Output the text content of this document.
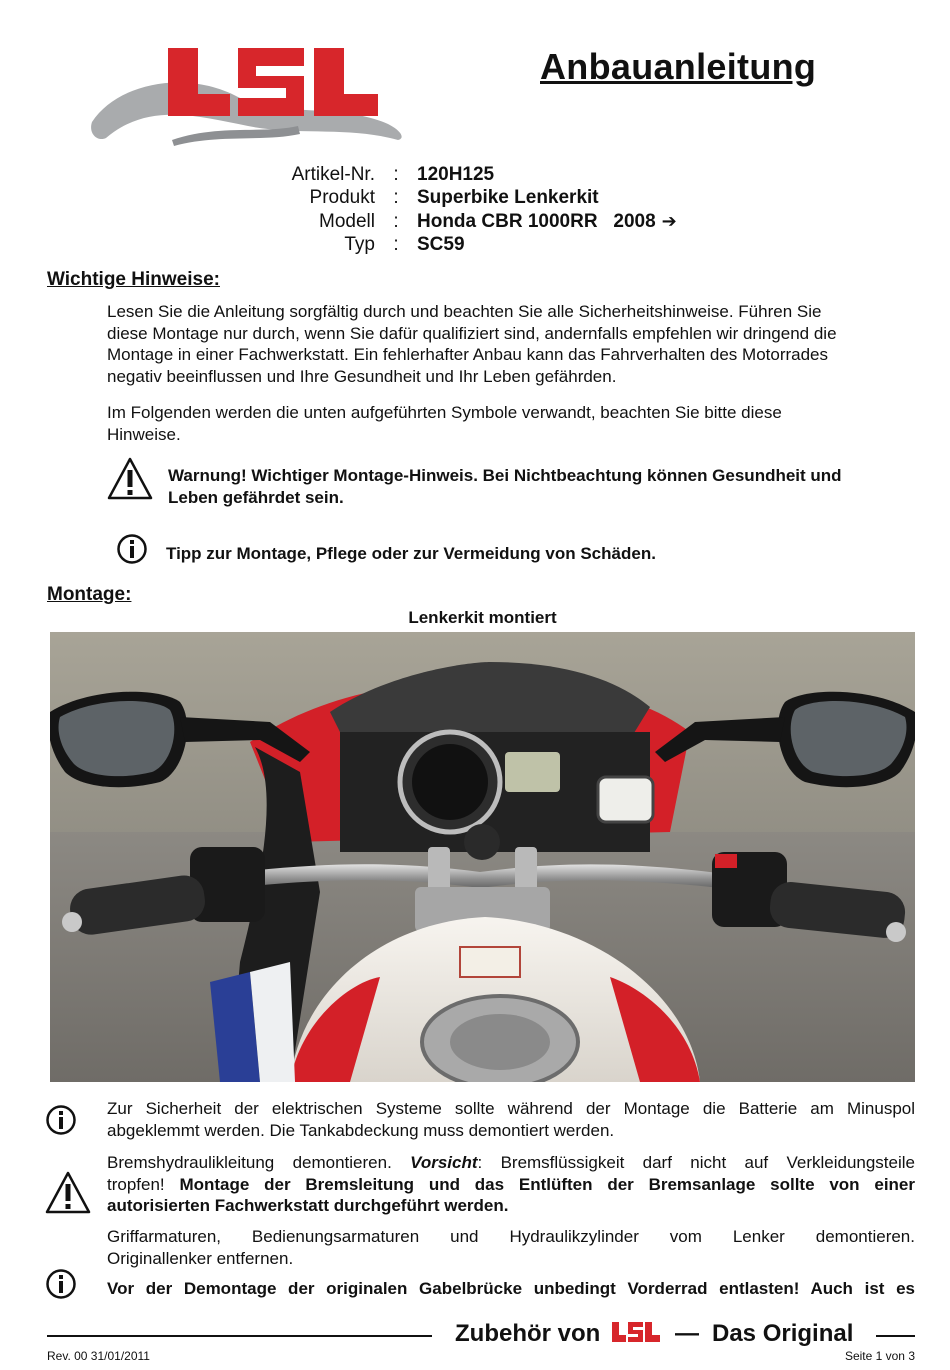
Anbauanleitung
Artikel-Nr. : 120H125
Produkt : Superbike Lenkerkit
Modell : Honda CBR 1000RR   2008 ➔
Typ : SC59
Wichtige Hinweise:
Lesen Sie die Anleitung sorgfältig durch und beachten Sie alle Sicherheitshinweise. Führen Sie
diese Montage nur durch, wenn Sie dafür qualifiziert sind, andernfalls empfehlen wir dringend die
Montage in einer Fachwerkstatt. Ein fehlerhafter Anbau kann das Fahrverhalten des Motorrades
negativ beeinflussen und Ihre Gesundheit und Ihr Leben gefährden.
Im Folgenden werden die unten aufgeführten Symbole verwandt, beachten Sie bitte diese
Hinweise.
Warnung! Wichtiger Montage-Hinweis. Bei Nichtbeachtung können Gesundheit und
Leben gefährdet sein.
Tipp zur Montage, Pflege oder zur Vermeidung von Schäden.
Montage:
Lenkerkit montiert
Zur Sicherheit der elektrischen Systeme sollte während der Montage die Batterie am Minuspol
abgeklemmt werden. Die Tankabdeckung muss demontiert werden.
Bremshydraulikleitung demontieren. Vorsicht: Bremsflüssigkeit darf nicht auf Verkleidungsteile
tropfen! Montage der Bremsleitung und das Entlüften der Bremsanlage sollte von einer
autorisierten Fachwerkstatt durchgeführt werden.
Griffarmaturen, Bedienungsarmaturen und Hydraulikzylinder vom Lenker demontieren.
Originallenker entfernen.
Vor der Demontage der originalen Gabelbrücke unbedingt Vorderrad entlasten! Auch ist es
Zubehör von	— Das Original
Rev. 00 31/01/2011	Seite 1 von 3
